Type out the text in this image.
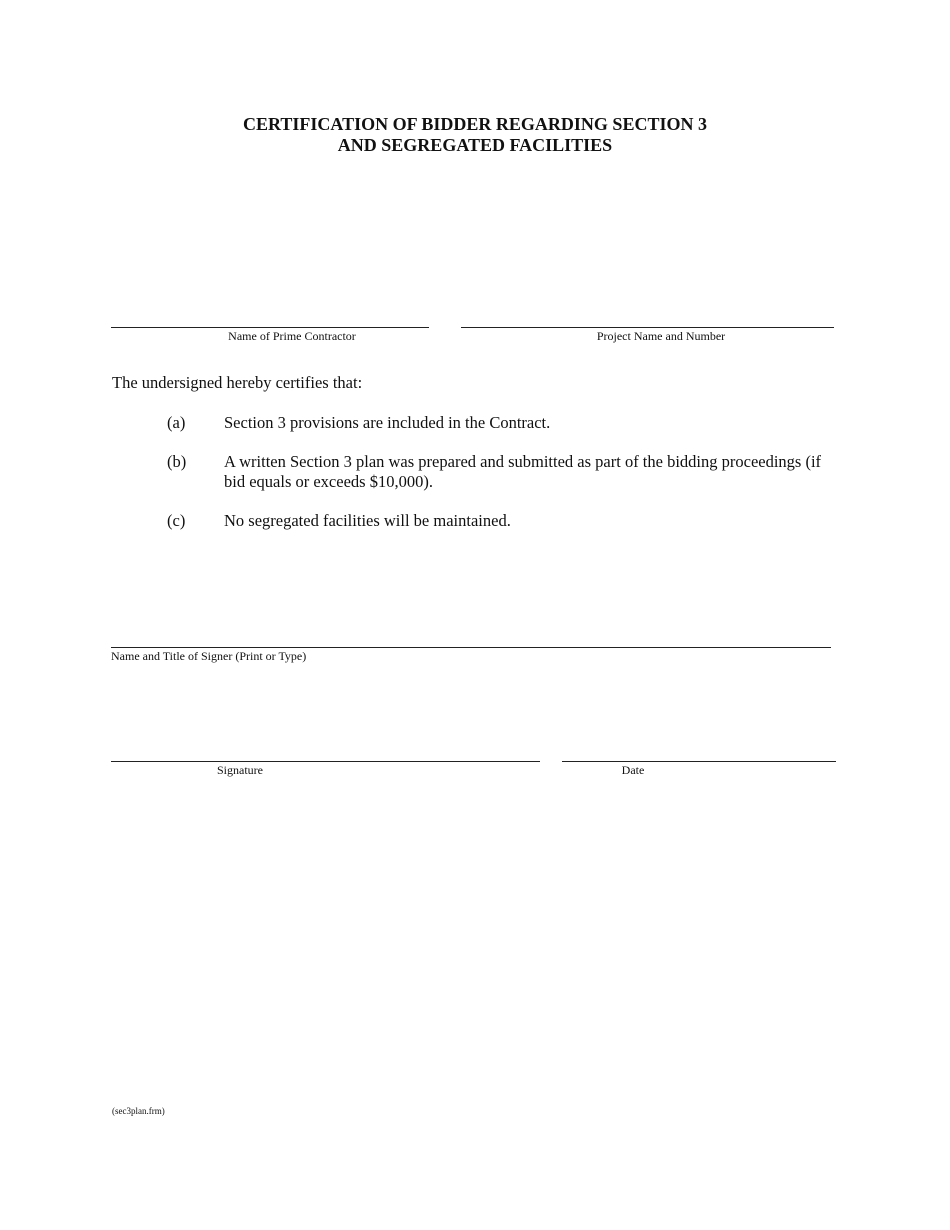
CERTIFICATION OF BIDDER REGARDING SECTION 3
AND SEGREGATED FACILITIES
Name of Prime Contractor	Project Name and Number
The undersigned hereby certifies that:
(a) Section 3 provisions are included in the Contract.
(b) A written Section 3 plan was prepared and submitted as part of the bidding proceedings (if bid equals or exceeds $10,000).
(c) No segregated facilities will be maintained.
Name and Title of Signer (Print or Type)
Signature	Date
(sec3plan.frm)
